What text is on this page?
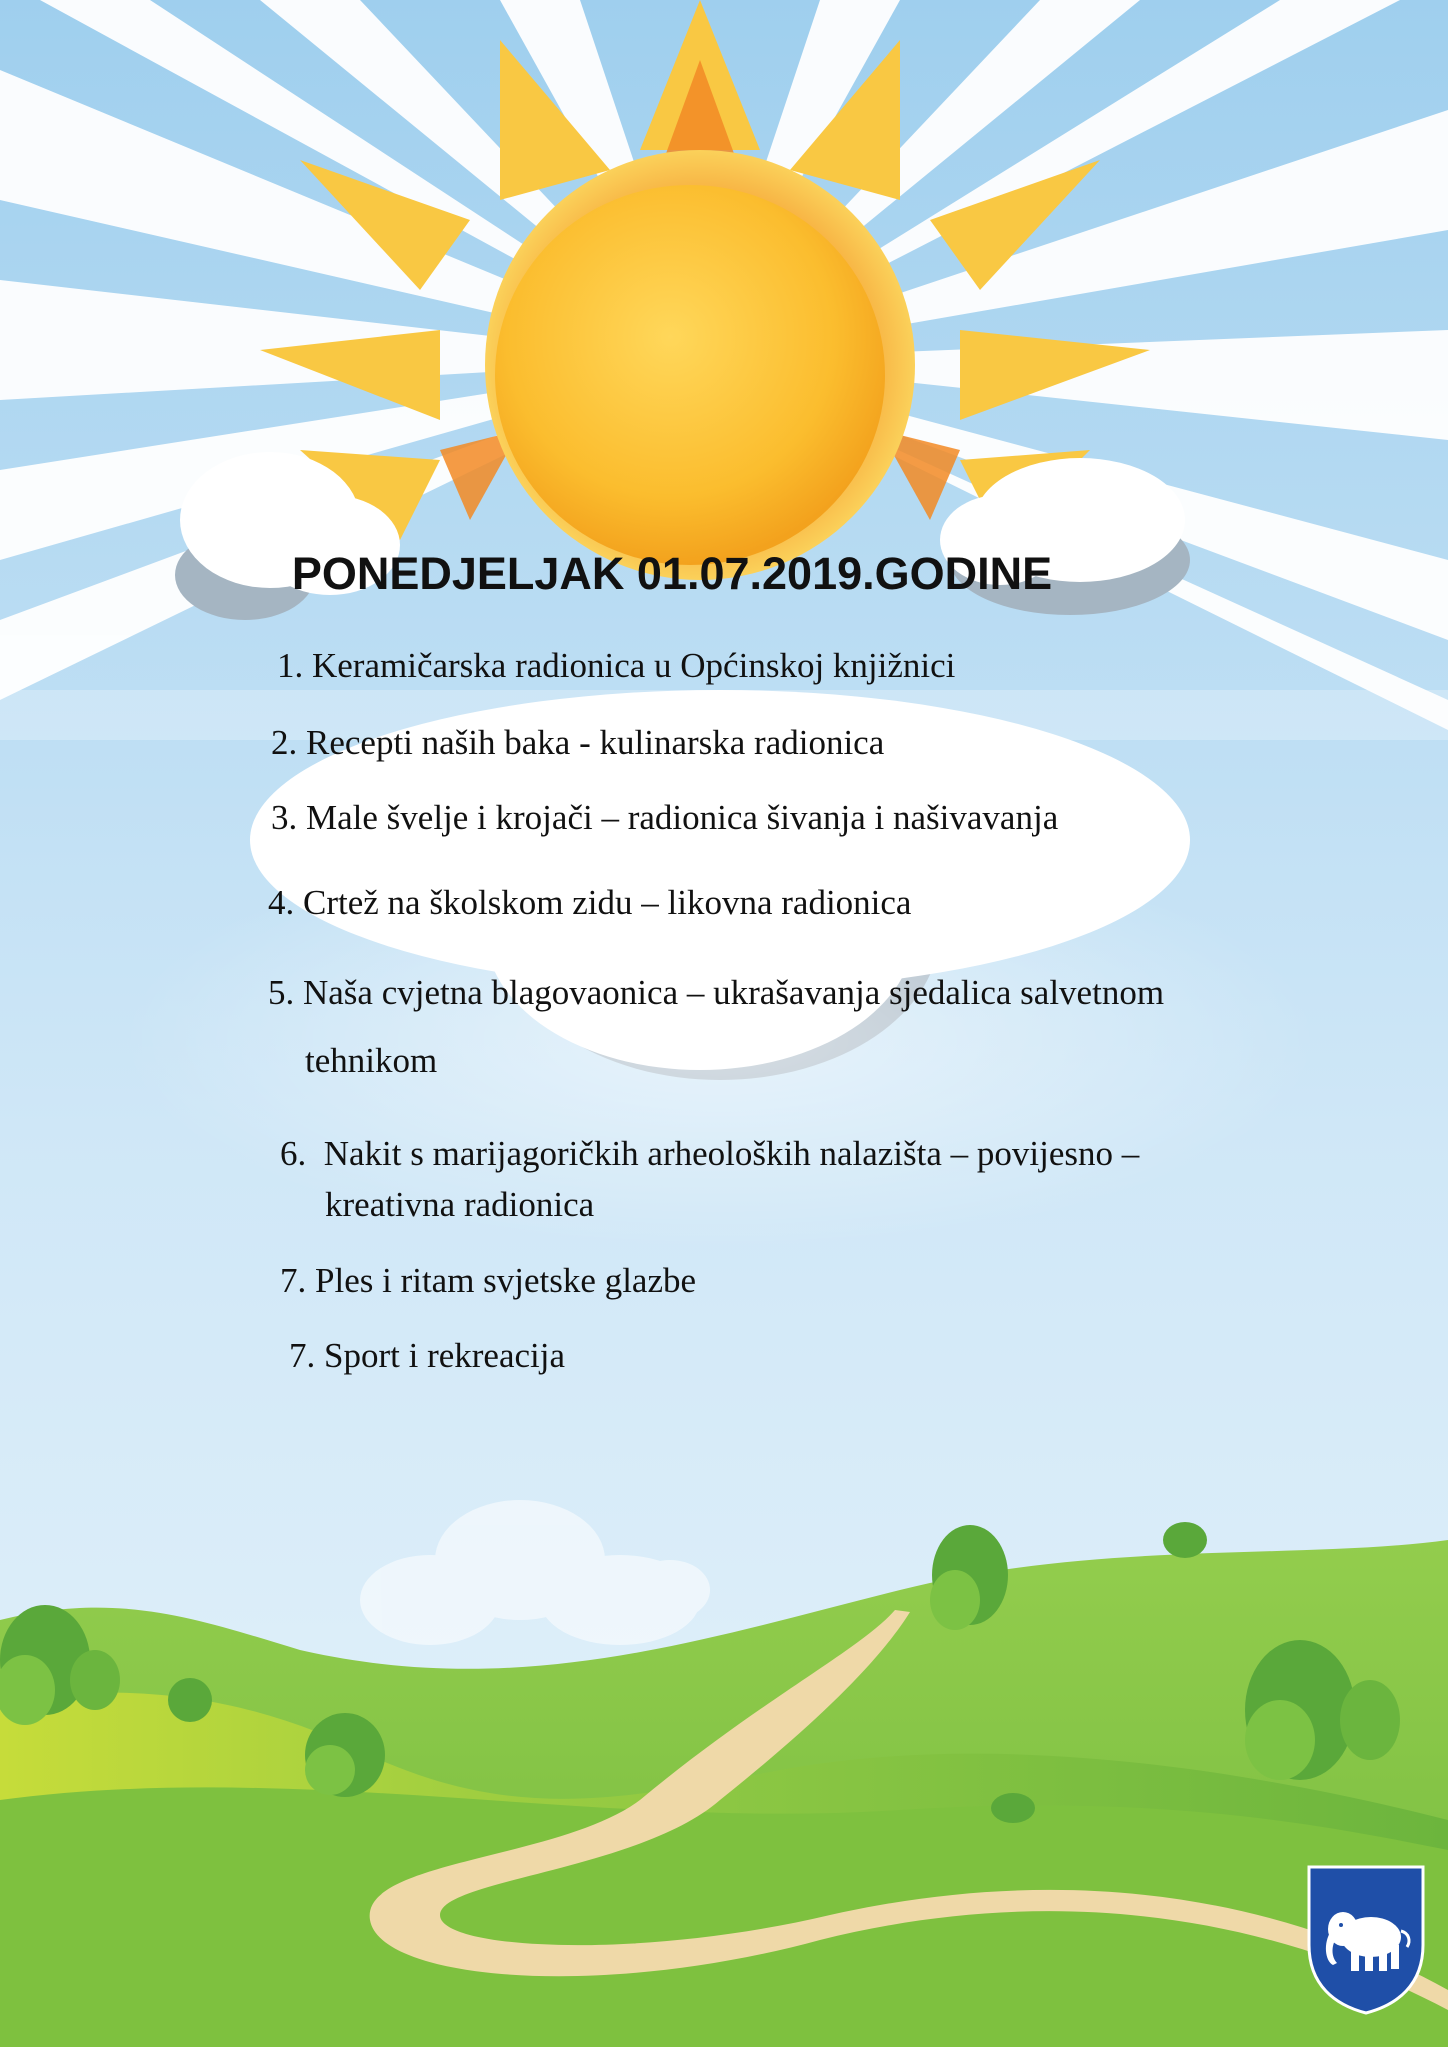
PONEDJELJAK 01.07.2019.GODINE
1. Keramičarska radionica u Općinskoj knjižnici
2. Recepti naših baka - kulinarska radionica
3. Male švelje i krojači – radionica šivanja i našivavanja
4. Crtež na školskom zidu – likovna radionica
5. Naša cvjetna blagovaonica – ukrašavanja sjedalica salvetnom
tehnikom
6. Nakit s marijagoričkih arheoloških nalazišta – povijesno –
kreativna radionica
7. Ples i ritam svjetske glazbe
7. Sport i rekreacija
